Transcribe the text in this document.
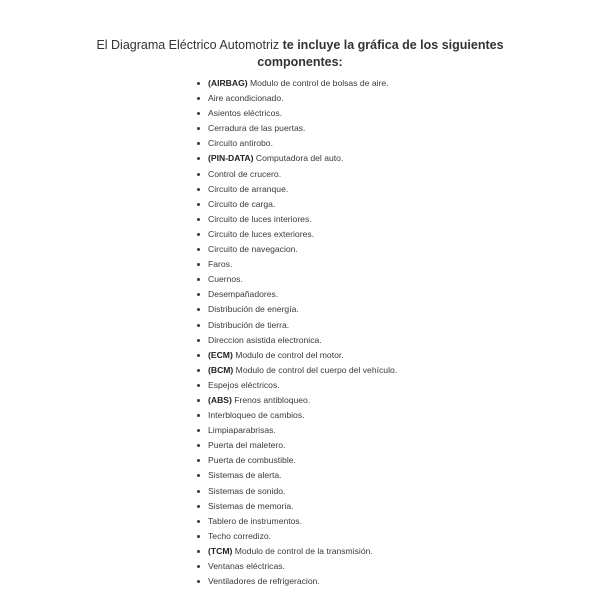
El Diagrama Eléctrico Automotriz te incluye la gráfica de los siguientes
componentes:
(AIRBAG) Modulo de control de bolsas de aire.
Aire acondicionado.
Asientos eléctricos.
Cerradura de las puertas.
Circuito antirobo.
(PIN-DATA) Computadora del auto.
Control de crucero.
Circuito de arranque.
Circuito de carga.
Circuito de luces interiores.
Circuito de luces exteriores.
Circuito de navegacion.
Faros.
Cuernos.
Desempañadores.
Distribución de energía.
Distribución de tierra.
Direccion asistida electronica.
(ECM) Modulo de control del motor.
(BCM) Modulo de control del cuerpo del vehículo.
Espejos eléctricos.
(ABS) Frenos antibloqueo.
Interbloqueo de cambios.
Limpiaparabrisas.
Puerta del maletero.
Puerta de combustible.
Sistemas de alerta.
Sistemas de sonido.
Sistemas de memoria.
Tablero de instrumentos.
Techo corredizo.
(TCM) Modulo de control de la transmisión.
Ventanas eléctricas.
Ventiladores de refrigeracion.
